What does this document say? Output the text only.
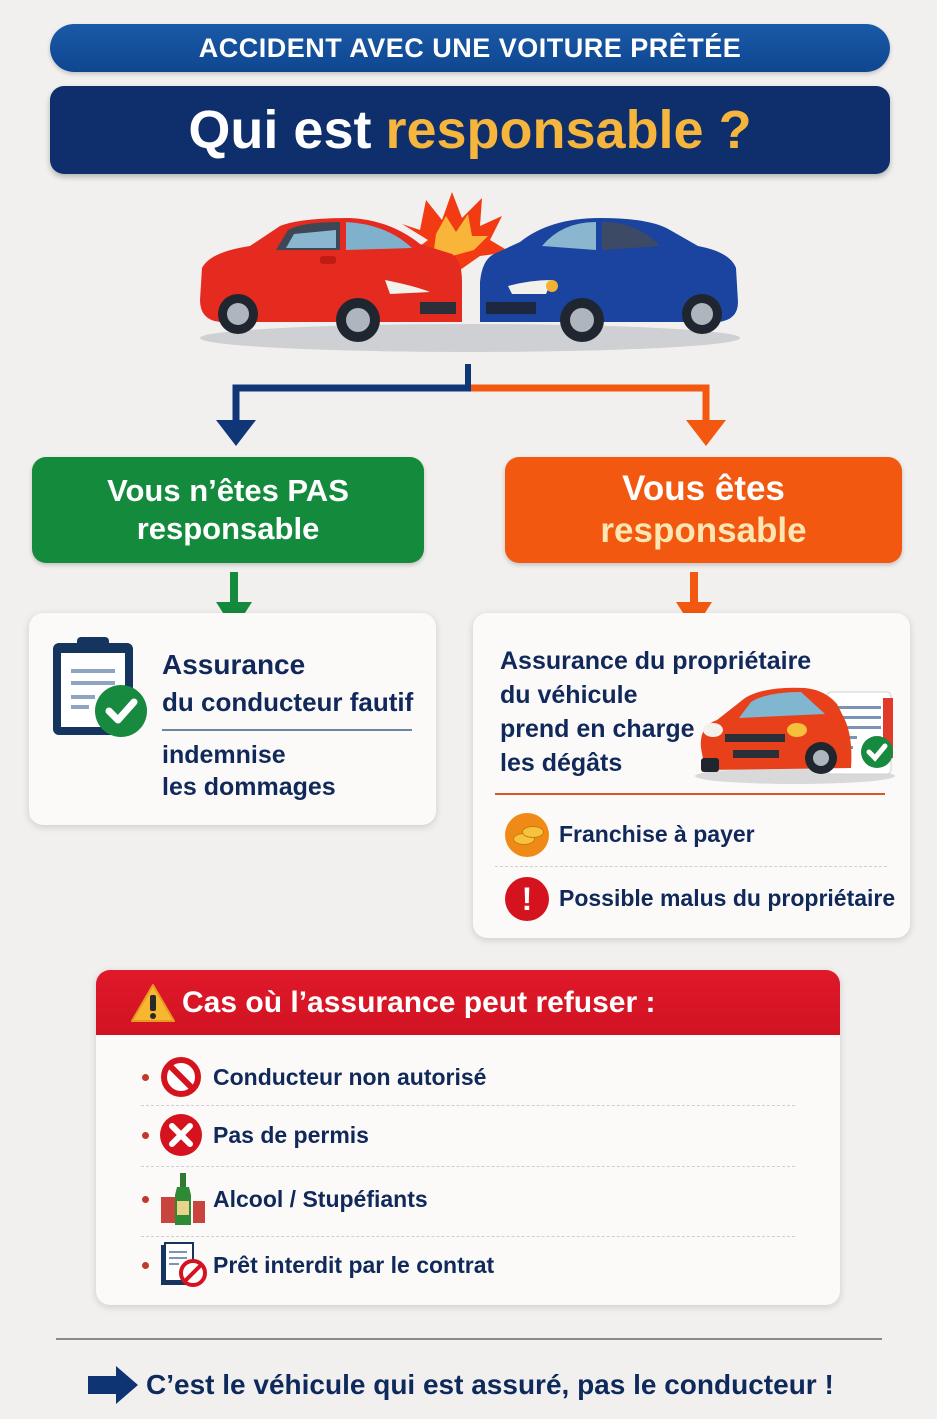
ACCIDENT AVEC UNE VOITURE PRÊTÉE
Qui est responsable ?
Vous n’êtes PAS
responsable
Vous êtes
responsable
Assurance
du conducteur fautif
indemnise
les dommages
Assurance du propriétaire
du véhicule
prend en charge
les dégâts
Franchise à payer
!	Possible malus du propriétaire
Cas où l’assurance peut refuser :
Conducteur non autorisé
Pas de permis
Alcool / Stupéfiants
Prêt interdit par le contrat
C’est le véhicule qui est assuré, pas le conducteur !
